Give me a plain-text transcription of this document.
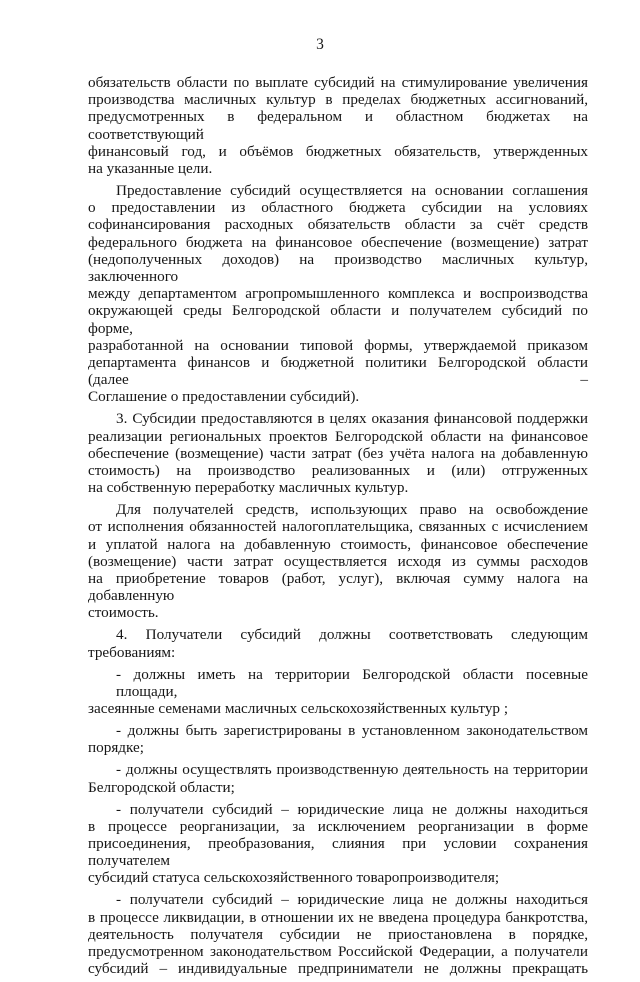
3
обязательств области по выплате субсидий на стимулирование увеличения
производства масличных культур в пределах бюджетных ассигнований,
предусмотренных в федеральном и областном бюджетах на соответствующий
финансовый год, и объёмов бюджетных обязательств, утвержденных
на указанные цели.
Предоставление субсидий осуществляется на основании соглашения
о предоставлении из областного бюджета субсидии на условиях
софинансирования расходных обязательств области за счёт средств
федерального бюджета на финансовое обеспечение (возмещение) затрат
(недополученных доходов) на производство масличных культур, заключенного
между департаментом агропромышленного комплекса и воспроизводства
окружающей среды Белгородской области и получателем субсидий по форме,
разработанной на основании типовой формы, утверждаемой приказом
департамента финансов и бюджетной политики Белгородской области (далее –
Соглашение о предоставлении субсидий).
3. Субсидии предоставляются в целях оказания финансовой поддержки
реализации региональных проектов Белгородской области на финансовое
обеспечение (возмещение) части затрат (без учёта налога на добавленную
стоимость) на производство реализованных и (или) отгруженных
на собственную переработку масличных культур.
Для получателей средств, использующих право на освобождение
от исполнения обязанностей налогоплательщика, связанных с исчислением
и уплатой налога на добавленную стоимость, финансовое обеспечение
(возмещение) части затрат осуществляется исходя из суммы расходов
на приобретение товаров (работ, услуг), включая сумму налога на добавленную
стоимость.
4. Получатели субсидий должны соответствовать следующим
требованиям:
- должны иметь на территории Белгородской области посевные площади,
засеянные семенами масличных сельскохозяйственных культур ;
- должны быть зарегистрированы в установленном законодательством
порядке;
- должны осуществлять производственную деятельность на территории
Белгородской области;
- получатели субсидий – юридические лица не должны находиться
в процессе реорганизации, за исключением реорганизации в форме
присоединения, преобразования, слияния при условии сохранения получателем
субсидий статуса сельскохозяйственного товаропроизводителя;
- получатели субсидий – юридические лица не должны находиться
в процессе ликвидации, в отношении их не введена процедура банкротства,
деятельность получателя субсидии не приостановлена в порядке,
предусмотренном законодательством Российской Федерации, а получатели
субсидий – индивидуальные предприниматели не должны прекращать
